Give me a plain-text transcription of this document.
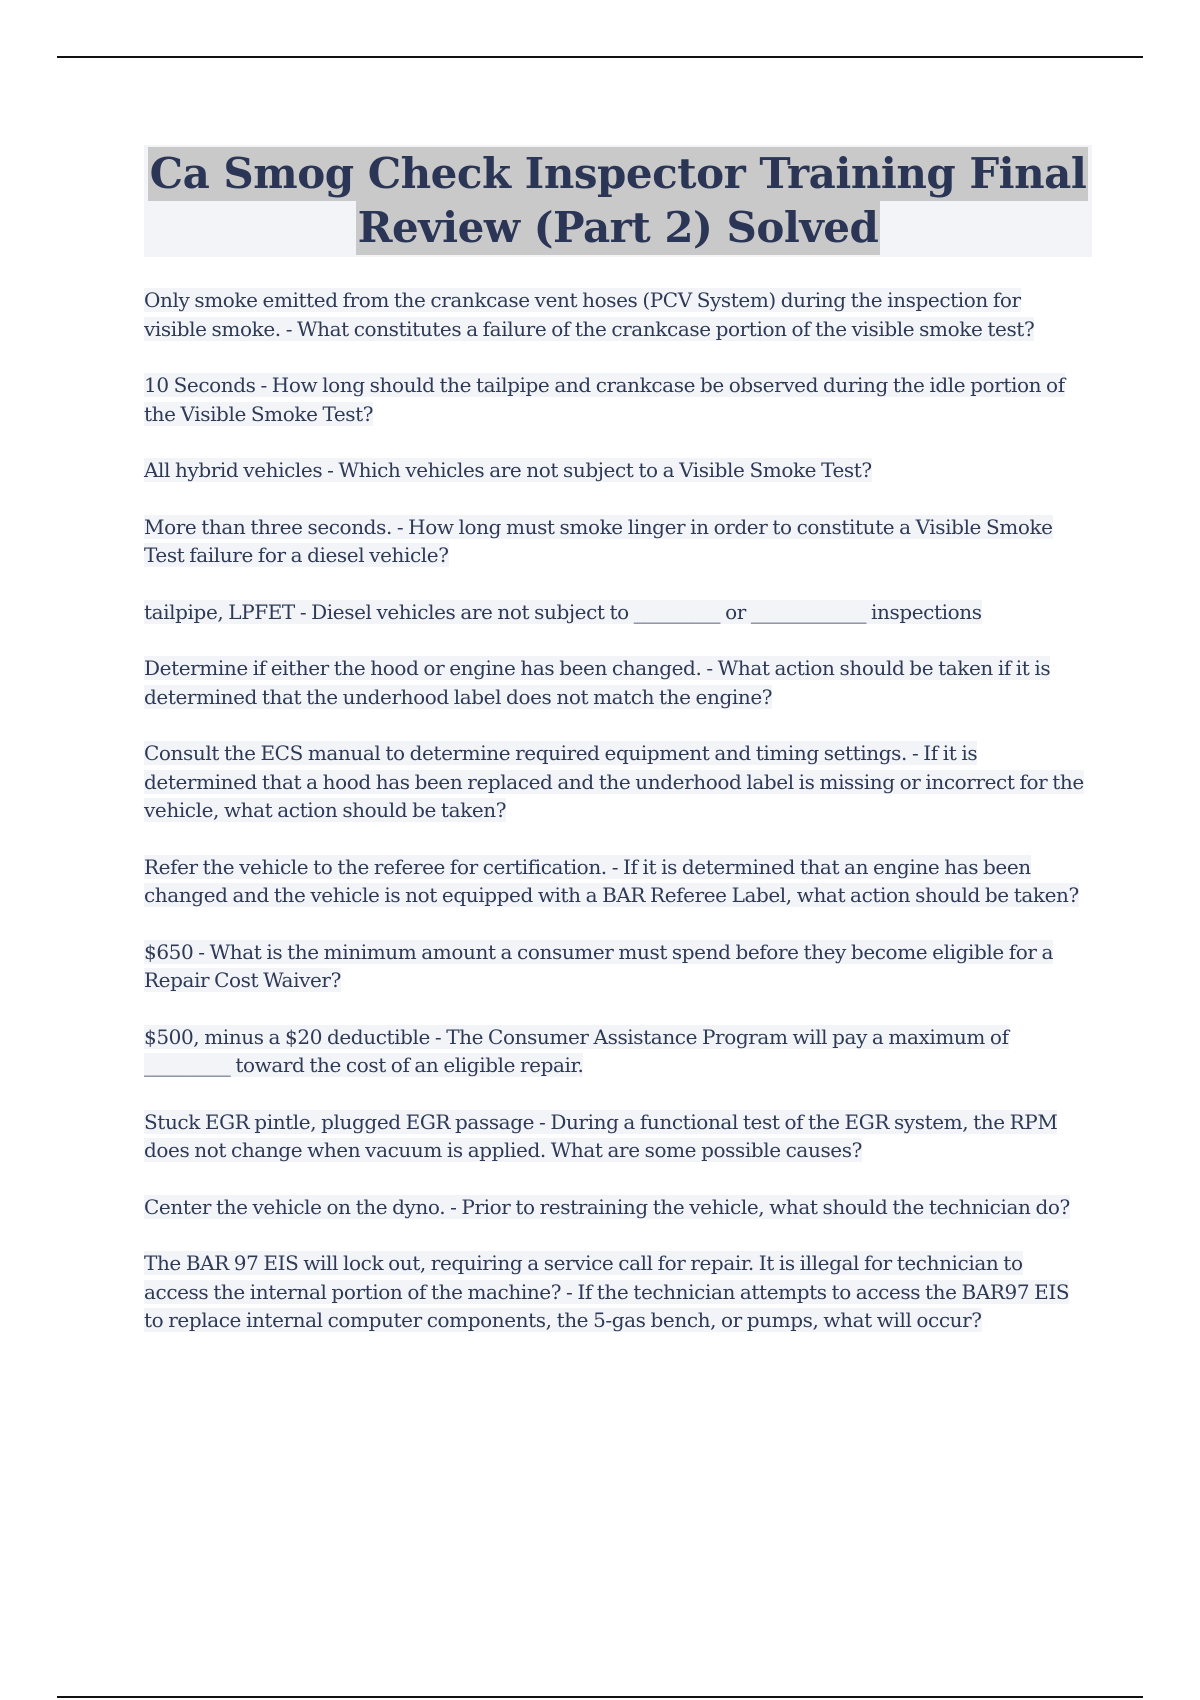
Ca Smog Check Inspector Training Final
Review (Part 2) Solved

Only smoke emitted from the crankcase vent hoses (PCV System) during the inspection for visible smoke. - What constitutes a failure of the crankcase portion of the visible smoke test?

10 Seconds - How long should the tailpipe and crankcase be observed during the idle portion of the Visible Smoke Test?

All hybrid vehicles - Which vehicles are not subject to a Visible Smoke Test?

More than three seconds. - How long must smoke linger in order to constitute a Visible Smoke Test failure for a diesel vehicle?

tailpipe, LPFET - Diesel vehicles are not subject to _________ or ____________ inspections

Determine if either the hood or engine has been changed. - What action should be taken if it is determined that the underhood label does not match the engine?

Consult the ECS manual to determine required equipment and timing settings. - If it is determined that a hood has been replaced and the underhood label is missing or incorrect for the vehicle, what action should be taken?

Refer the vehicle to the referee for certification. - If it is determined that an engine has been changed and the vehicle is not equipped with a BAR Referee Label, what action should be taken?

$650 - What is the minimum amount a consumer must spend before they become eligible for a Repair Cost Waiver?

$500, minus a $20 deductible - The Consumer Assistance Program will pay a maximum of _________ toward the cost of an eligible repair.

Stuck EGR pintle, plugged EGR passage - During a functional test of the EGR system, the RPM does not change when vacuum is applied. What are some possible causes?

Center the vehicle on the dyno. - Prior to restraining the vehicle, what should the technician do?

The BAR 97 EIS will lock out, requiring a service call for repair. It is illegal for technician to access the internal portion of the machine? - If the technician attempts to access the BAR97 EIS to replace internal computer components, the 5-gas bench, or pumps, what will occur?
